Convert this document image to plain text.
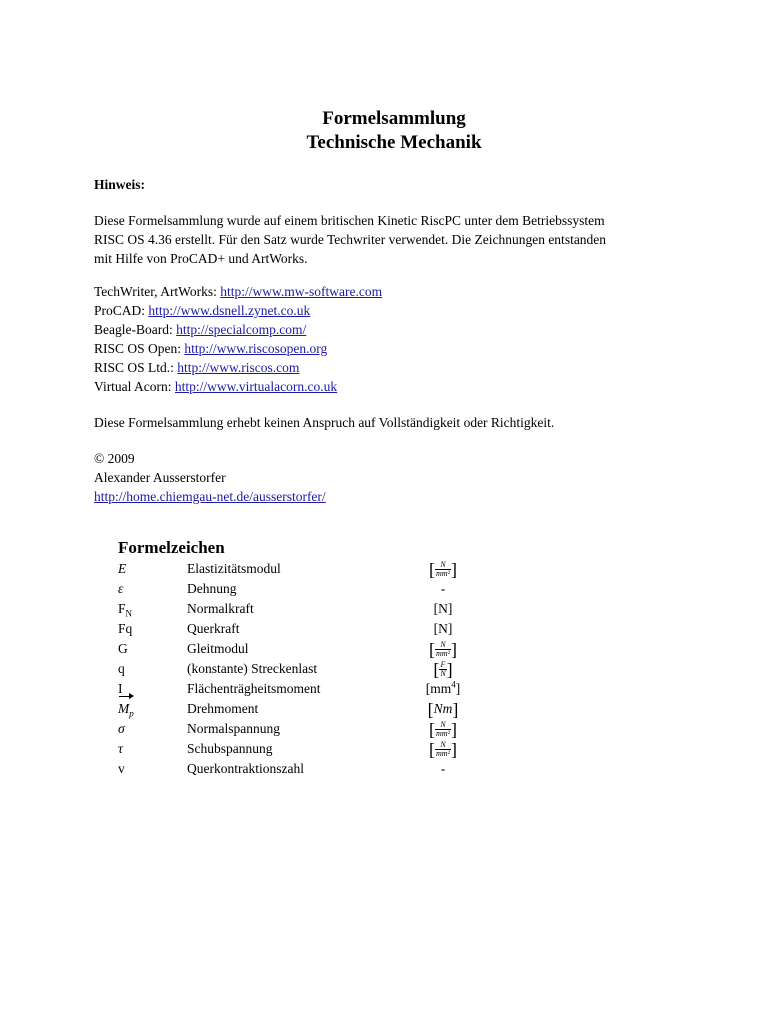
Formelsammlung
Technische Mechanik
Hinweis:
Diese Formelsammlung wurde auf einem britischen Kinetic RiscPC unter dem Betriebssystem
RISC OS 4.36 erstellt. Für den Satz wurde Techwriter verwendet. Die Zeichnungen entstanden
mit Hilfe von ProCAD+ und ArtWorks.
TechWriter, ArtWorks: http://www.mw-software.com
ProCAD: http://www.dsnell.zynet.co.uk
Beagle-Board: http://specialcomp.com/
RISC OS Open: http://www.riscosopen.org
RISC OS Ltd.: http://www.riscos.com
Virtual Acorn: http://www.virtualacorn.co.uk
Diese Formelsammlung erhebt keinen Anspruch auf Vollständigkeit oder Richtigkeit.
© 2009
Alexander Ausserstorfer
http://home.chiemgau-net.de/ausserstorfer/
Formelzeichen
E	Elastizitätsmodul	[ $\frac{N}{\text{mm²}}$ ]
ε	Dehnung	-
$F_N$	Normalkraft	[N]
Fq	Querkraft	[N]
G	Gleitmodul	[ $\frac{N}{\text{mm²}}$ ]
q	(konstante) Streckenlast	[ $\frac{F}{N}$ ]
I	Flächenträgheitsmoment	$[mm^4]$
$M_p$	Drehmoment	[Nm]
σ	Normalspannung	[ $\frac{N}{\text{mm²}}$ ]
τ	Schubspannung	[ $\frac{N}{\text{mm²}}$ ]
v	Querkontraktionszahl	-
